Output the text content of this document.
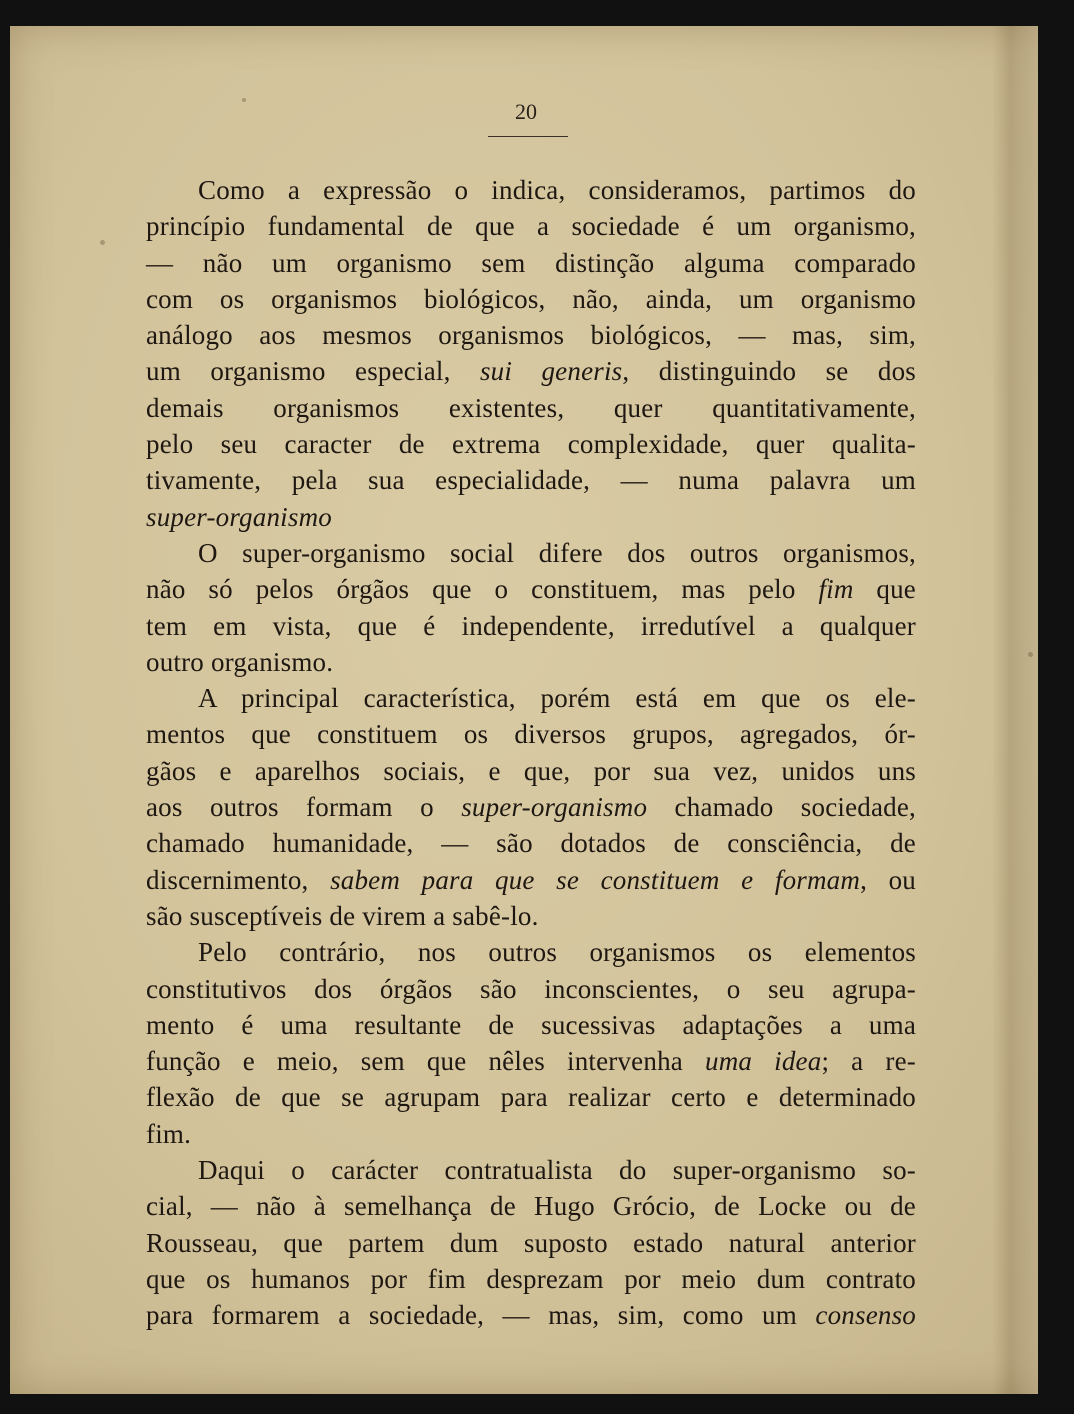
20
Como a expressão o indica, consideramos, partimos do
princípio fundamental de que a sociedade é um organismo,
— não um organismo sem distinção alguma comparado
com os organismos biológicos, não, ainda, um organismo
análogo aos mesmos organismos biológicos, — mas, sim,
um organismo especial, sui generis, distinguindo se dos
demais organismos existentes, quer quantitativamente,
pelo seu caracter de extrema complexidade, quer qualita-
tivamente, pela sua especialidade, — numa palavra um
super-organismo
O super-organismo social difere dos outros organismos,
não só pelos órgãos que o constituem, mas pelo fim que
tem em vista, que é independente, irredutível a qualquer
outro organismo.
A principal característica, porém está em que os ele-
mentos que constituem os diversos grupos, agregados, ór-
gãos e aparelhos sociais, e que, por sua vez, unidos uns
aos outros formam o super-organismo chamado sociedade,
chamado humanidade, — são dotados de consciência, de
discernimento, sabem para que se constituem e formam, ou
são susceptíveis de virem a sabê-lo.
Pelo contrário, nos outros organismos os elementos
constitutivos dos órgãos são inconscientes, o seu agrupa-
mento é uma resultante de sucessivas adaptações a uma
função e meio, sem que nêles intervenha uma idea; a re-
flexão de que se agrupam para realizar certo e determinado
fim.
Daqui o carácter contratualista do super-organismo so-
cial, — não à semelhança de Hugo Grócio, de Locke ou de
Rousseau, que partem dum suposto estado natural anterior
que os humanos por fim desprezam por meio dum contrato
para formarem a sociedade, — mas, sim, como um consenso
